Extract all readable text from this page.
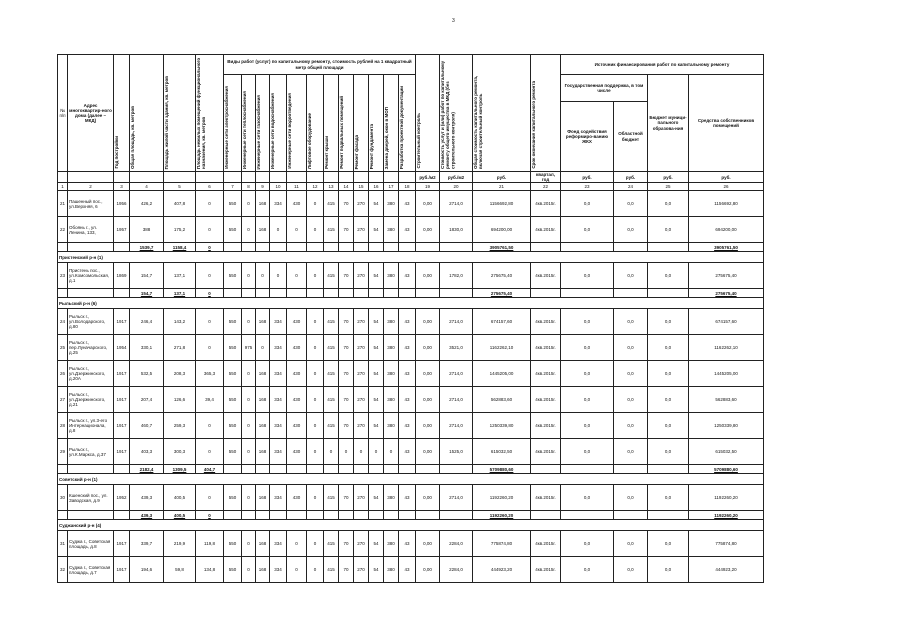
3
№ п/п	Адрес многоквартир-ного дома (далее – МКД)	Год постройки	Общая площадь, кв. метров	Площадь жилой части здания, кв. метров	Площадь нежилых помещений функционального назначения, кв. метров	Виды работ (услуг) по капитальному ремонту, стоимость рублей на 1 квадратный метр общей площади												Строительный контроль	Стоимость услуг и (или) работ по капитальному ремонту общего имущества в МКД (без строительного контроля)	Общая стоимость капитального ремонта, включая строительный контроль	Срок окончания капитального ремонта	Источник финансирования работ по капитальному ремонту			

						Инженерные сети электроснабжения	Инженерные сети теплоснабжения	Инженерные сети газоснабжения	Инженерные сети водоснабжения	Инженерные сети водоотведения	Лифтовое оборудование	Ремонт крыши	Ремонт подвальных помещений	Ремонт фасада	Ремонт фундамента	Замена дверей, окон в МОП	Разработка проектной документации					Государственная поддержка, в том числе		Бюджет муници-пального образова-ния	Средства собственников помещений
																						Фонд содействия реформиро-ванию ЖКХ	Областной бюджет		
																		руб./м2	руб./м2	руб.	квартал, год	руб.	руб.	руб.	руб.
1	2	3	4	5	6	7	8	9	10	11	12	13	14	15	16	17	18	19	20	21	22	23	24	25	26
21	Пашенный пос., ул.Верхняя, 6	1956	426,2	407,8	0	550	0	168	334	430	0	415	70	270	54	380	43	0,00	2714,0	1156692,80	4кв.2015г.	0,0	0,0	0,0	1156692,80
22	Обоянь г., ул. Ленина, 133,	1957	388	175,2	0	550	0	168	0	0	0	415	70	270	54	380	43	0,00	1830,0	694200,00	4кв.2015г.	0,0	0,0	0,0	694200,00
			1539,7	1158,4	0															3905761,50					3905761,50
Пристенский р-н (1)																									
23	Пристень пос., ул.Комсомольская, д.1	1869	154,7	137,1	0	550	0	0	0	0	0	415	70	270	54	380	43	0,00	1782,0	275675,40	4кв.2015г.	0,0	0,0	0,0	275675,40
			154,7	137,1	0															275675,40					275675,40
Рыльский р-н (6)																									
24	Рыльск г., ул.Володарского, д.80	1917	246,4	143,2	0	550	0	168	334	430	0	415	70	270	54	380	43	0,00	2714,0	674157,60	4кв.2015г.	0,0	0,0	0,0	674157,60
25	Рыльск г., пер.Луначарского, д.25	1954	330,1	271,8	0	550	975	0	334	430	0	415	70	270	54	380	43	0,00	3521,0	1162262,10	4кв.2015г.	0,0	0,0	0,0	1162262,10
26	Рыльск г., ул.Дзержинского, д.20А	1917	532,5	208,3	365,3	550	0	168	334	430	0	415	70	270	54	380	43	0,00	2714,0	1445205,00	4кв.2015г.	0,0	0,0	0,0	1445205,00
27	Рыльск г., ул.Дзержинского, д.21	1917	207,4	126,6	39,4	550	0	168	334	430	0	415	70	270	54	380	43	0,00	2714,0	562883,60	4кв.2015г.	0,0	0,0	0,0	562883,60
28	Рыльск г., ул.3-его Интернационала, д.8	1917	460,7	259,3	0	550	0	168	334	430	0	415	70	270	54	380	43	0,00	2714,0	1250339,80	4кв.2015г.	0,0	0,0	0,0	1250339,80
29	Рыльск г., ул.К.Маркса, д.37	1917	403,3	300,3	0	550	0	168	334	430	0	0	0	0	0	0	43	0,00	1525,0	615032,50	4кв.2015г.	0,0	0,0	0,0	615032,50
			2182,4	1309,5	404,7															5709880,60					5709880,60
Советский р-н (1)																									
30	Кшенский пос., ул. Заводская, д.9	1952	439,3	400,5	0	550	0	168	334	430	0	415	70	270	54	380	43	0,00	2714,0	1192260,20	4кв.2015г.	0,0	0,0	0,0	1192260,20
			439,3	400,5	0															1192260,20					1192260,20
Суджанский р-н (4)																									
31	Суджа г., Советская площадь, д.8	1917	339,7	219,9	119,8	550	0	168	334	0	0	415	70	270	54	380	43	0,00	2284,0	775874,80	4кв.2015г.	0,0	0,0	0,0	775874,80
32	Суджа г., Советская площадь, д.7	1917	194,6	59,8	134,8	550	0	168	334	0	0	415	70	270	54	380	43	0,00	2284,0	444923,20	4кв.2015г.	0,0	0,0	0,0	444923,20
